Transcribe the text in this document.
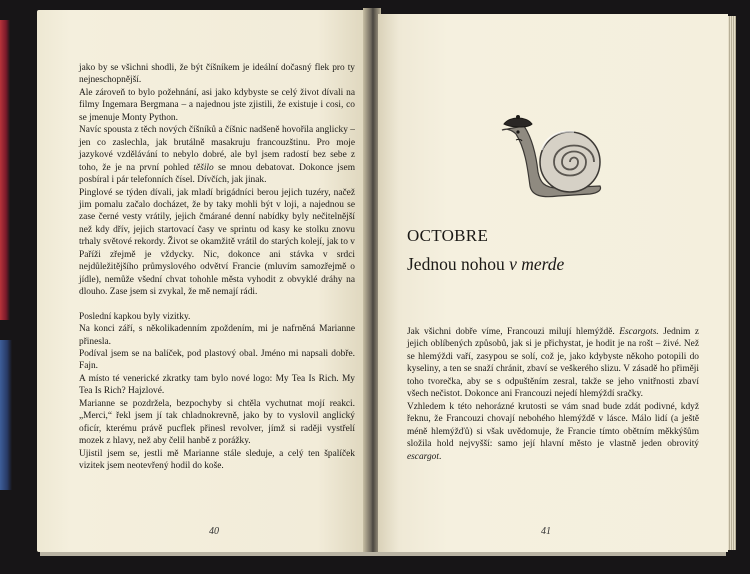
jako by se všichni shodli, že být číšníkem je ideální dočasný flek pro ty nejneschopnější.

Ale zároveň to bylo požehnání, asi jako kdybyste se celý život dívali na filmy Ingemara Bergmana – a najednou jste zjistili, že existuje i cosi, co se jmenuje Monty Python.

Navíc spousta z těch nových číšníků a číšnic nadšeně hovořila anglicky – jen co zaslechla, jak brutálně masakruju francouzštinu. Pro moje jazykové vzdělávání to nebylo dobré, ale byl jsem radostí bez sebe z toho, že je na první pohled těšilo se mnou debatovat. Dokonce jsem posbíral i pár telefonních čísel. Dívčích, jak jinak.

Pinglové se týden dívali, jak mladí brigádníci berou jejich tuzéry, načež jim pomalu začalo docházet, že by taky mohli být v loji, a najednou se zase černé vesty vrátily, jejich čmárané denní nabídky byly nečitelnější než kdy dřív, jejich startovací časy ve sprintu od kasy ke stolku znovu trhaly světové rekordy. Život se okamžitě vrátil do starých kolejí, jak to v Paříži zřejmě je vždycky. Nic, dokonce ani stávka v srdci nejdůležitějšího průmyslového odvětví Francie (mluvím samozřejmě o jídle), nemůže všední chvat tohohle města vyhodit z obvyklé dráhy na dlouho. Zase jsem si zvykal, že mě nemají rádi.

Poslední kapkou byly vizitky.

Na konci září, s několikadenním zpoždením, mi je nafrněná Marianne přinesla.

Podíval jsem se na balíček, pod plastový obal. Jméno mi napsali dobře. Fajn.

A místo té venerické zkratky tam bylo nové logo: My Tea Is Rich. My Tea Is Rich? Hajzlové.

Marianne se pozdržela, bezpochyby si chtěla vychutnat mojí reakci. „Merci,“ řekl jsem jí tak chladnokrevně, jako by to vyslovil anglický oficír, kterému právě pucflek přinesl revolver, jímž si raději vystřelí mozek z hlavy, než aby čelil hanbě z porážky.

Ujistil jsem se, jestli mě Marianne stále sleduje, a celý ten špalíček vizitek jsem neotevřený hodil do koše.

40
OCTOBRE
Jednou nohou v merde

Jak všichni dobře víme, Francouzi milují hlemýždě. Escargots. Jednim z jejich oblíbených způsobů, jak si je přichystat, je hodit je na rošt – živé. Než se hlemýždi vaří, zasypou se solí, což je, jako kdybyste někoho potopili do kyseliny, a ten se snaží chránit, zbaví se veškerého slizu. V zásadě ho přiměji toho tvorečka, aby se s odpuštěním zesral, takže se jeho vnitřnosti zbaví všech nečistot. Dokonce ani Francouzi nejedí hlemýždí sračky.

Vzhledem k této nehorázné krutosti se vám snad bude zdát podivné, když řeknu, že Francouzi chovají nebohého hlemýždě v lásce. Málo lidí (a ještě méně hlemýžďů) si však uvědomuje, že Francie tímto obětním měkkýšům složila hold nejvyšší: samo její hlavní město je vlastně jeden obrovitý escargot.

41
